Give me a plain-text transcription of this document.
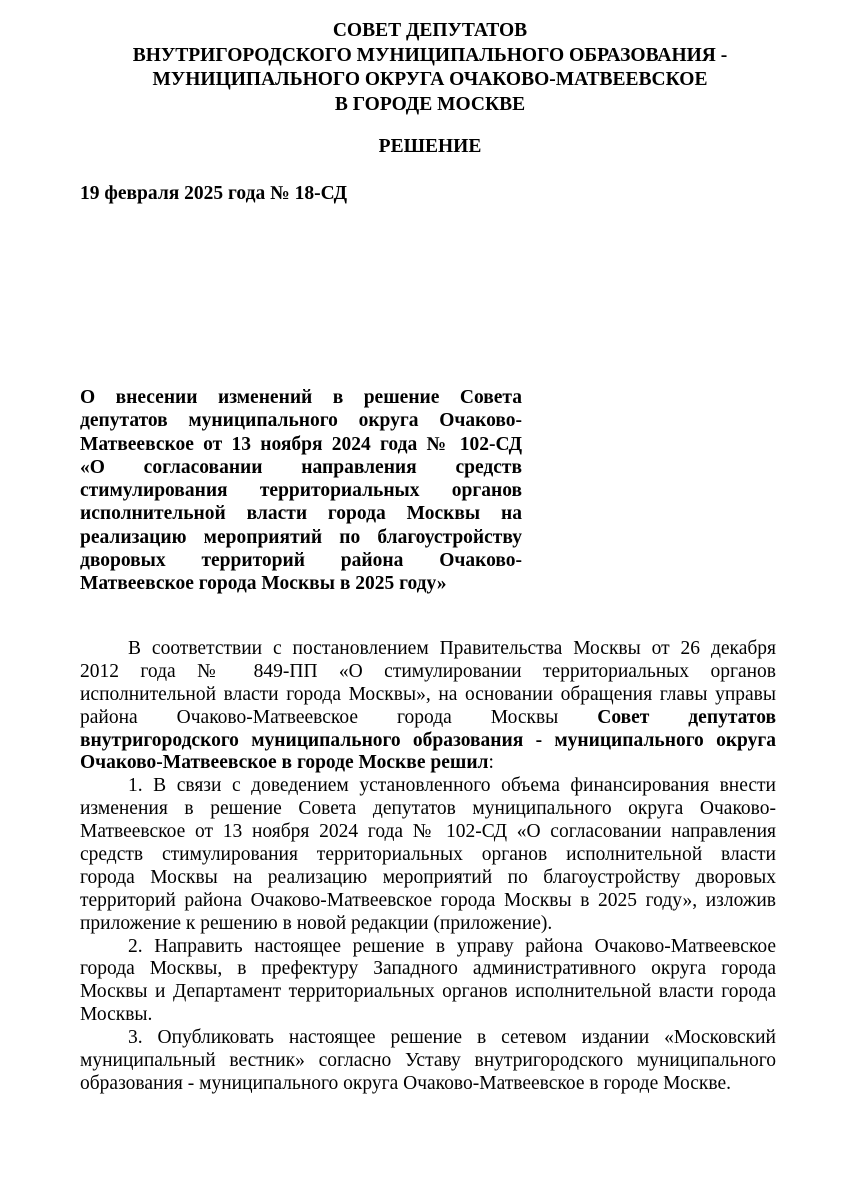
СОВЕТ ДЕПУТАТОВ
ВНУТРИГОРОДСКОГО МУНИЦИПАЛЬНОГО ОБРАЗОВАНИЯ -
МУНИЦИПАЛЬНОГО ОКРУГА ОЧАКОВО-МАТВЕЕВСКОЕ
В ГОРОДЕ МОСКВЕ
РЕШЕНИЕ
19 февраля 2025 года № 18-СД
О внесении изменений в решение Совета
депутатов муниципального округа Очаково-
Матвеевское от 13 ноября 2024 года № 102-СД
«О согласовании направления средств
стимулирования территориальных органов
исполнительной власти города Москвы на
реализацию мероприятий по благоустройству
дворовых территорий района Очаково-
Матвеевское города Москвы в 2025 году»
В соответствии с постановлением Правительства Москвы от 26 декабря
2012 года № 849-ПП «О стимулировании территориальных органов
исполнительной власти города Москвы», на основании обращения главы управы
района Очаково-Матвеевское города Москвы Совет депутатов
внутригородского муниципального образования - муниципального округа
Очаково-Матвеевское в городе Москве решил:
1. В связи с доведением установленного объема финансирования внести
изменения в решение Совета депутатов муниципального округа Очаково-
Матвеевское от 13 ноября 2024 года № 102-СД «О согласовании направления
средств стимулирования территориальных органов исполнительной власти
города Москвы на реализацию мероприятий по благоустройству дворовых
территорий района Очаково-Матвеевское города Москвы в 2025 году», изложив
приложение к решению в новой редакции (приложение).
2. Направить настоящее решение в управу района Очаково-Матвеевское
города Москвы, в префектуру Западного административного округа города
Москвы и Департамент территориальных органов исполнительной власти города
Москвы.
3. Опубликовать настоящее решение в сетевом издании «Московский
муниципальный вестник» согласно Уставу внутригородского муниципального
образования - муниципального округа Очаково-Матвеевское в городе Москве.
